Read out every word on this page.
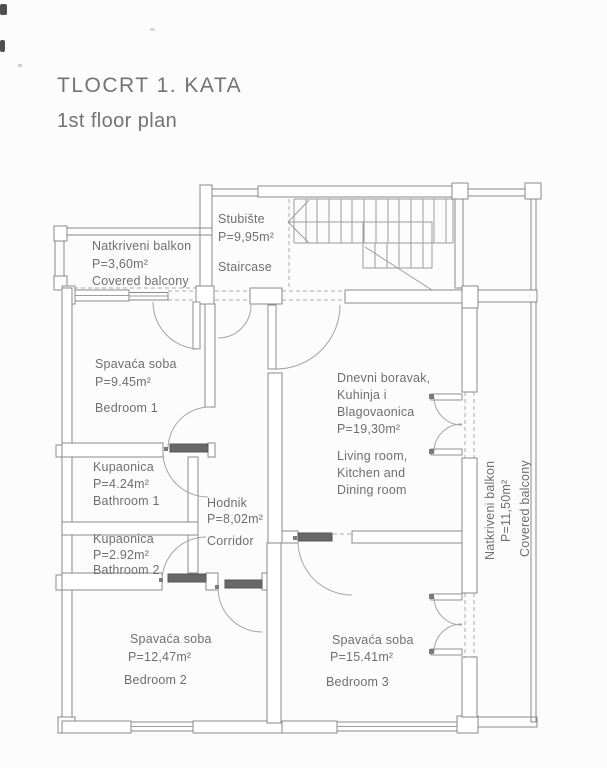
TLOCRT 1. KATA
1st floor plan
Stubište
P=9,95m²
Staircase
Natkriveni balkon
P=3,60m²
Covered balcony
Spavaća soba
P=9.45m²
Bedroom 1
Dnevni boravak,
Kuhinja i
Blagovaonica
P=19,30m²
Living room,
Kitchen and
Dining room
Kupaonica
P=4.24m²
Bathroom 1	Hodnik
P=8,02m²
Corridor
Kupaonica
P=2.92m²
Bathroom 2
Spavaća soba
P=12,47m²
Bedroom 2
Spavaća soba
P=15.41m²
Bedroom 3
Natkriveni balkon P=11,50m² Covered balcony
